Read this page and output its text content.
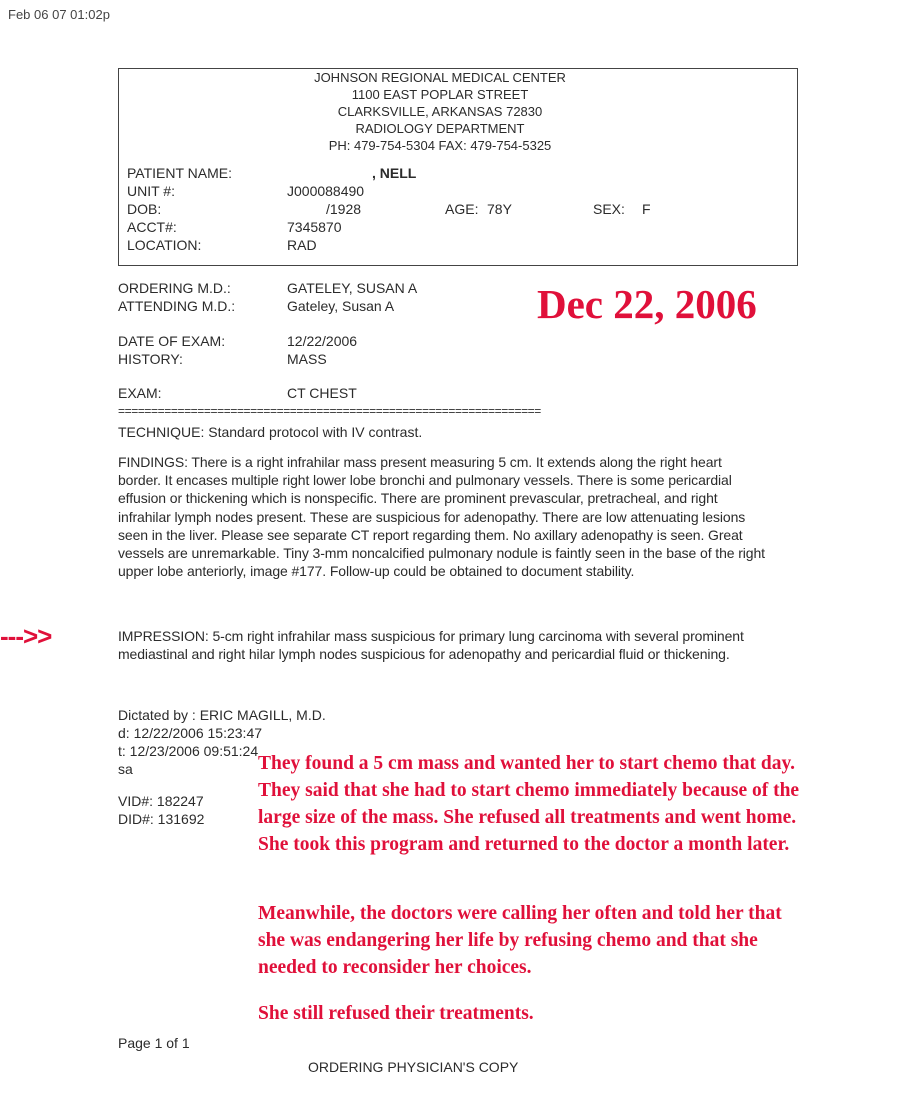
Feb 06 07 01:02p
JOHNSON REGIONAL MEDICAL CENTER
1100 EAST POPLAR STREET
CLARKSVILLE, ARKANSAS 72830
RADIOLOGY DEPARTMENT
PH: 479-754-5304 FAX: 479-754-5325
PATIENT NAME:	, NELL
UNIT #:	J000088490
DOB:	/1928	AGE: 78Y	SEX: F
ACCT#:	7345870
LOCATION:	RAD
ORDERING M.D.:	GATELEY, SUSAN A
ATTENDING M.D.:	Gateley, Susan A	Dec 22, 2006
DATE OF EXAM:	12/22/2006
HISTORY:	MASS
EXAM:	CT CHEST
================================================================
TECHNIQUE: Standard protocol with IV contrast.
FINDINGS: There is a right infrahilar mass present measuring 5 cm. It extends along the right heart border. It encases multiple right lower lobe bronchi and pulmonary vessels. There is some pericardial effusion or thickening which is nonspecific. There are prominent prevascular, pretracheal, and right infrahilar lymph nodes present. These are suspicious for adenopathy. There are low attenuating lesions seen in the liver. Please see separate CT report regarding them. No axillary adenopathy is seen. Great vessels are unremarkable. Tiny 3-mm noncalcified pulmonary nodule is faintly seen in the base of the right upper lobe anteriorly, image #177. Follow-up could be obtained to document stability.
--->>	IMPRESSION: 5-cm right infrahilar mass suspicious for primary lung carcinoma with several prominent mediastinal and right hilar lymph nodes suspicious for adenopathy and pericardial fluid or thickening.
Dictated by : ERIC MAGILL, M.D.
d: 12/22/2006 15:23:47
t: 12/23/2006 09:51:24
sa
VID#: 182247
DID#: 131692
They found a 5 cm mass and wanted her to start chemo that day.
They said that she had to start chemo immediately because of the
large size of the mass. She refused all treatments and went home.
She took this program and returned to the doctor a month later.
Meanwhile, the doctors were calling her often and told her that
she was endangering her life by refusing chemo and that she
needed to reconsider her choices.
She still refused their treatments.
Page 1 of 1
ORDERING PHYSICIAN'S COPY
